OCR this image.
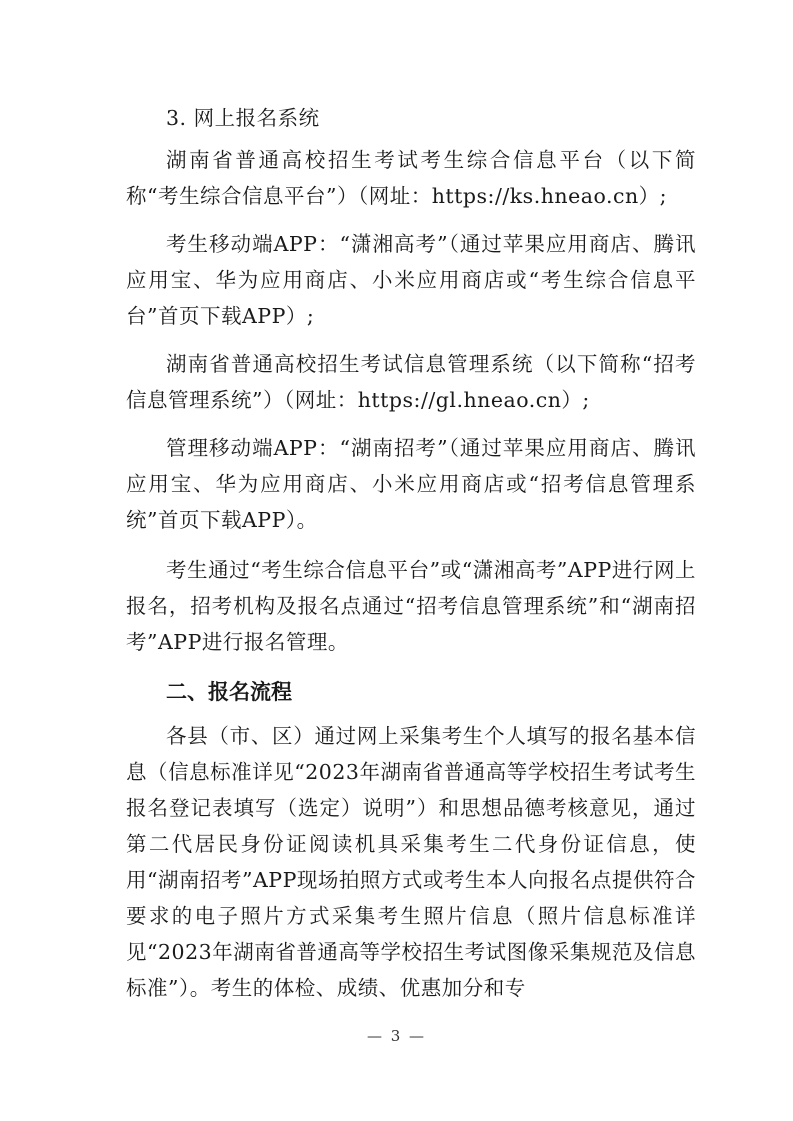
3. 网上报名系统

湖南省普通高校招生考试考生综合信息平台（以下简称“考生综合信息平台”）（网址：https://ks.hneao.cn）;

考生移动端APP：“潇湘高考”（通过苹果应用商店、腾讯应用宝、华为应用商店、小米应用商店或“考生综合信息平台”首页下载APP）;

湖南省普通高校招生考试信息管理系统（以下简称“招考信息管理系统”）（网址：https://gl.hneao.cn）;

管理移动端APP：“湖南招考”（通过苹果应用商店、腾讯应用宝、华为应用商店、小米应用商店或“招考信息管理系统”首页下载APP）。

考生通过“考生综合信息平台”或“潇湘高考”APP进行网上报名，招考机构及报名点通过“招考信息管理系统”和“湖南招考”APP进行报名管理。

二、报名流程

各县（市、区）通过网上采集考生个人填写的报名基本信息（信息标准详见“2023年湖南省普通高等学校招生考试考生报名登记表填写（选定）说明”）和思想品德考核意见，通过第二代居民身份证阅读机具采集考生二代身份证信息，使用“湖南招考”APP现场拍照方式或考生本人向报名点提供符合要求的电子照片方式采集考生照片信息（照片信息标准详见“2023年湖南省普通高等学校招生考试图像采集规范及信息标准”）。考生的体检、成绩、优惠加分和专

— 3 —
